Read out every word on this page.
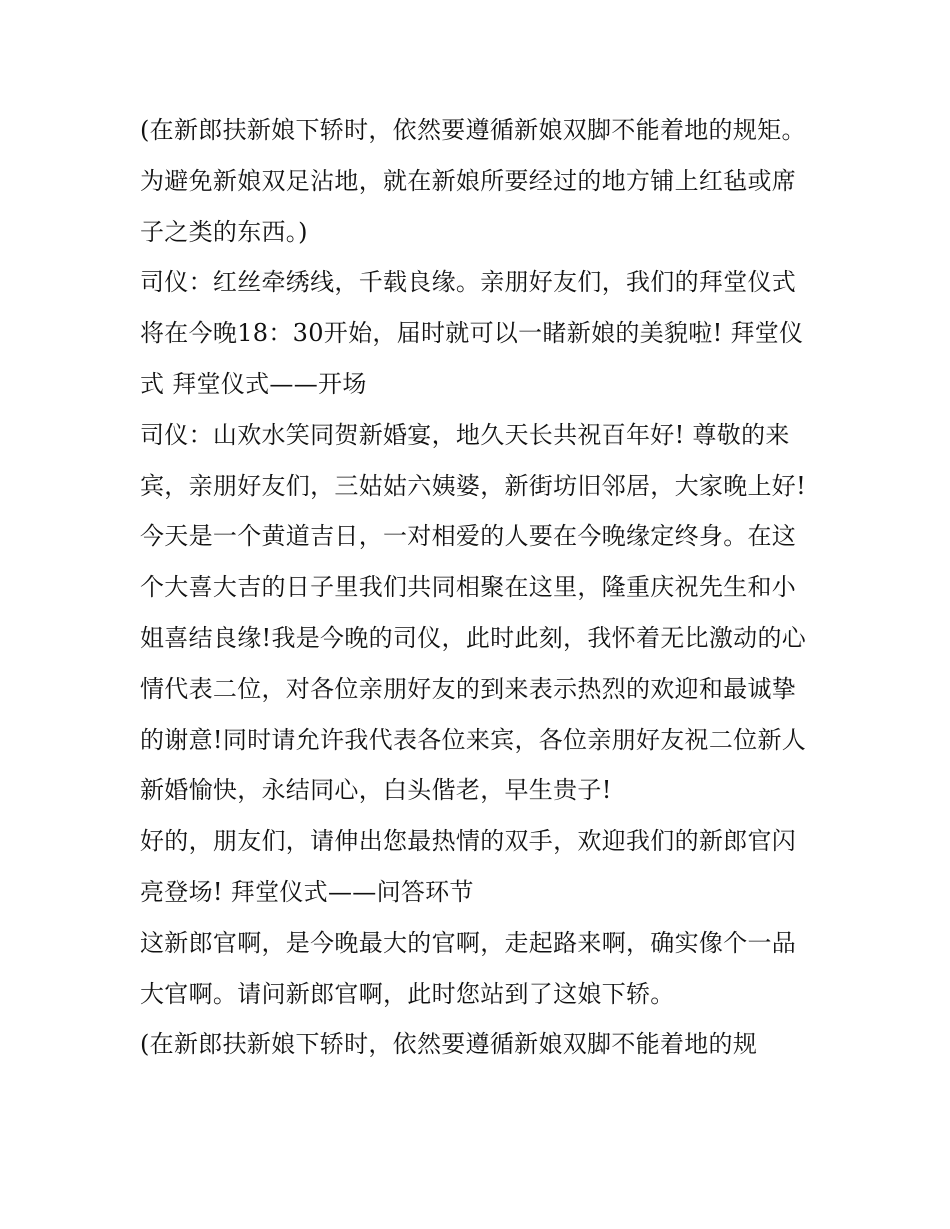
(在新郎扶新娘下轿时，依然要遵循新娘双脚不能着地的规矩。为避免新娘双足沾地，就在新娘所要经过的地方铺上红毡或席子之类的东西。)

司仪：红丝牵绣线，千载良缘。亲朋好友们，我们的拜堂仪式将在今晚18：30开始，届时就可以一睹新娘的美貌啦! 拜堂仪式 拜堂仪式——开场

司仪：山欢水笑同贺新婚宴，地久天长共祝百年好! 尊敬的来宾，亲朋好友们，三姑姑六姨婆，新街坊旧邻居，大家晚上好!

今天是一个黄道吉日，一对相爱的人要在今晚缘定终身。在这个大喜大吉的日子里我们共同相聚在这里，隆重庆祝先生和小姐喜结良缘!我是今晚的司仪，此时此刻，我怀着无比激动的心情代表二位，对各位亲朋好友的到来表示热烈的欢迎和最诚挚的谢意!同时请允许我代表各位来宾，各位亲朋好友祝二位新人新婚愉快，永结同心，白头偕老，早生贵子!

好的，朋友们，请伸出您最热情的双手，欢迎我们的新郎官闪亮登场! 拜堂仪式——问答环节

这新郎官啊，是今晚最大的官啊，走起路来啊，确实像个一品大官啊。请问新郎官啊，此时您站到了这娘下轿。

(在新郎扶新娘下轿时，依然要遵循新娘双脚不能着地的规
